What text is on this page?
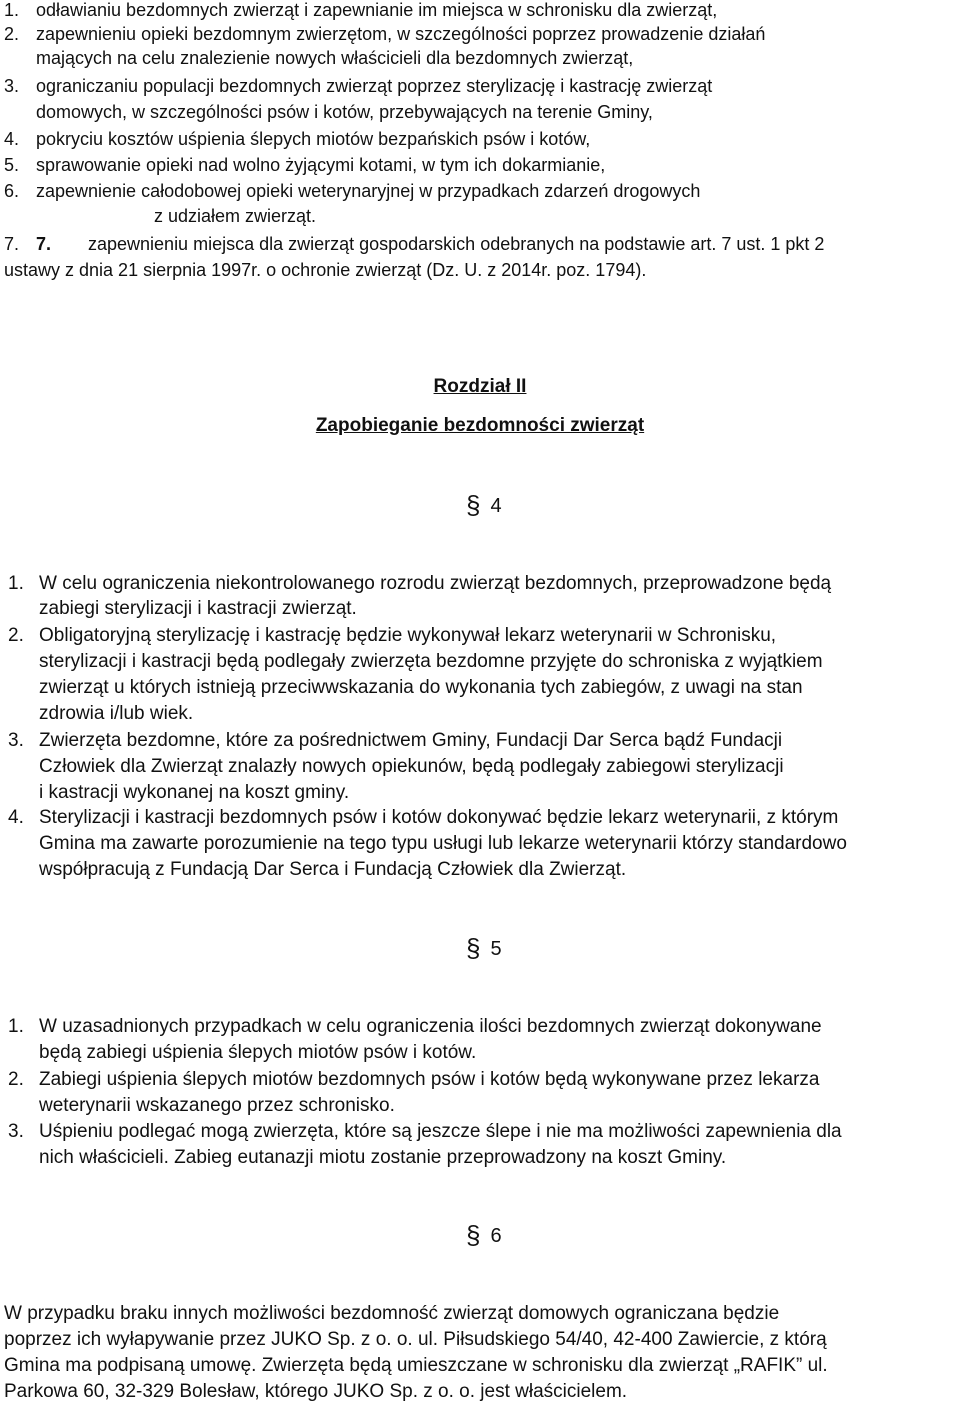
1. odławianiu bezdomnych zwierząt i zapewnianie im miejsca w schronisku dla zwierząt,
2. zapewnieniu opieki bezdomnym zwierzętom, w szczególności poprzez prowadzenie działań
mających na celu znalezienie nowych właścicieli dla bezdomnych zwierząt,
3. ograniczaniu populacji bezdomnych zwierząt poprzez sterylizację i kastrację zwierząt
domowych, w szczególności psów i kotów, przebywających na terenie Gminy,
4. pokryciu kosztów uśpienia ślepych miotów bezpańskich psów i kotów,
5. sprawowanie opieki nad wolno żyjącymi kotami, w tym ich dokarmianie,
6. zapewnienie całodobowej opieki weterynaryjnej w przypadkach zdarzeń drogowych
z udziałem zwierząt.
7. 7. zapewnieniu miejsca dla zwierząt gospodarskich odebranych na podstawie art. 7 ust. 1 pkt 2
ustawy z dnia 21 sierpnia 1997r. o ochronie zwierząt (Dz. U. z 2014r. poz. 1794).
Rozdział II
Zapobieganie bezdomności zwierząt
§ 4
1. W celu ograniczenia niekontrolowanego rozrodu zwierząt bezdomnych, przeprowadzone będą
zabiegi sterylizacji i kastracji zwierząt.
2. Obligatoryjną sterylizację i kastrację będzie wykonywał lekarz weterynarii w Schronisku,
sterylizacji i kastracji będą podlegały zwierzęta bezdomne przyjęte do schroniska z wyjątkiem
zwierząt u których istnieją przeciwwskazania do wykonania tych zabiegów, z uwagi na stan
zdrowia i/lub wiek.
3. Zwierzęta bezdomne, które za pośrednictwem Gminy, Fundacji Dar Serca bądź Fundacji
Człowiek dla Zwierząt znalazły nowych opiekunów, będą podlegały zabiegowi sterylizacji
i kastracji wykonanej na koszt gminy.
4. Sterylizacji i kastracji bezdomnych psów i kotów dokonywać będzie lekarz weterynarii, z którym
Gmina ma zawarte porozumienie na tego typu usługi lub lekarze weterynarii którzy standardowo
współpracują z Fundacją Dar Serca i Fundacją Człowiek dla Zwierząt.
§ 5
1. W uzasadnionych przypadkach w celu ograniczenia ilości bezdomnych zwierząt dokonywane
będą zabiegi uśpienia ślepych miotów psów i kotów.
2. Zabiegi uśpienia ślepych miotów bezdomnych psów i kotów będą wykonywane przez lekarza
weterynarii wskazanego przez schronisko.
3. Uśpieniu podlegać mogą zwierzęta, które są jeszcze ślepe i nie ma możliwości zapewnienia dla
nich właścicieli. Zabieg eutanazji miotu zostanie przeprowadzony na koszt Gminy.
§ 6
W przypadku braku innych możliwości bezdomność zwierząt domowych ograniczana będzie
poprzez ich wyłapywanie przez JUKO Sp. z o. o. ul. Piłsudskiego 54/40, 42-400 Zawiercie, z którą
Gmina ma podpisaną umowę. Zwierzęta będą umieszczane w schronisku dla zwierząt „RAFIK” ul.
Parkowa 60, 32-329 Bolesław, którego JUKO Sp. z o. o. jest właścicielem.
